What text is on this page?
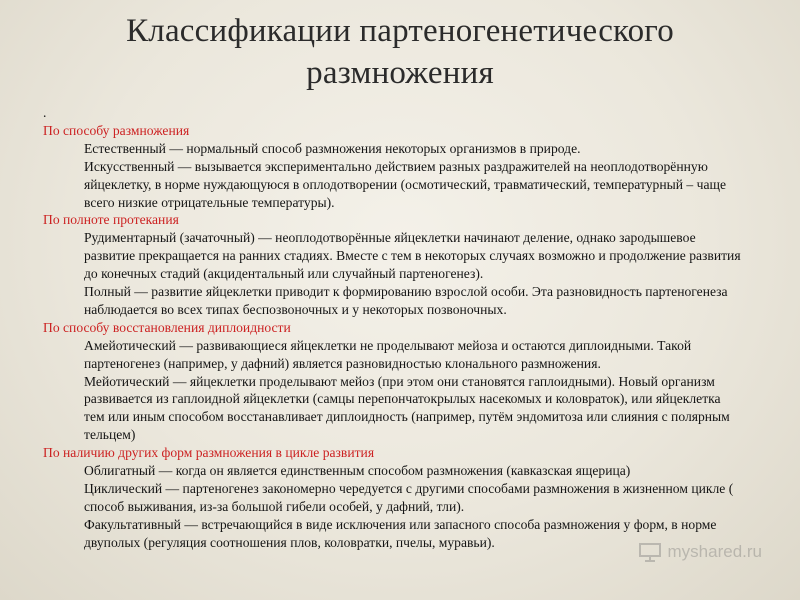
Классификации партеногенетического
размножения
.
По способу размножения
Естественный — нормальный способ размножения некоторых организмов в природе.
Искусственный — вызывается экспериментально действием разных раздражителей на неоплодотворённую яйцеклетку, в норме нуждающуюся в оплодотворении (осмотический, травматический, температурный – чаще всего низкие отрицательные температуры).
По полноте протекания
Рудиментарный (зачаточный) — неоплодотворённые яйцеклетки начинают деление, однако зародышевое развитие прекращается на ранних стадиях. Вместе с тем в некоторых случаях возможно и продолжение развития до конечных стадий (акцидентальный или случайный партеногенез).
Полный — развитие яйцеклетки приводит к формированию взрослой особи. Эта разновидность партеногенеза наблюдается во всех типах беспозвоночных и у некоторых позвоночных.
По способу восстановления диплоидности
Амейотический — развивающиеся яйцеклетки не проделывают мейоза и остаются диплоидными. Такой партеногенез (например, у дафний) является разновидностью клонального размножения.
Мейотический — яйцеклетки проделывают мейоз (при этом они становятся гаплоидными). Новый организм развивается из гаплоидной яйцеклетки (самцы перепончатокрылых насекомых и коловраток), или яйцеклетка тем или иным способом восстанавливает диплоидность (например, путём эндомитоза или слияния с полярным тельцем)
По наличию других форм размножения в цикле развития
Облигатный — когда он является единственным способом размножения (кавказская ящерица)
Циклический — партеногенез закономерно чередуется с другими способами размножения в жизненном цикле ( способ выживания, из-за большой гибели особей, у дафний, тли).
Факультативный — встречающийся в виде исключения или запасного способа размножения у форм, в норме двуполых (регуляция соотношения плов, коловратки, пчелы, муравьи).	myshared.ru
